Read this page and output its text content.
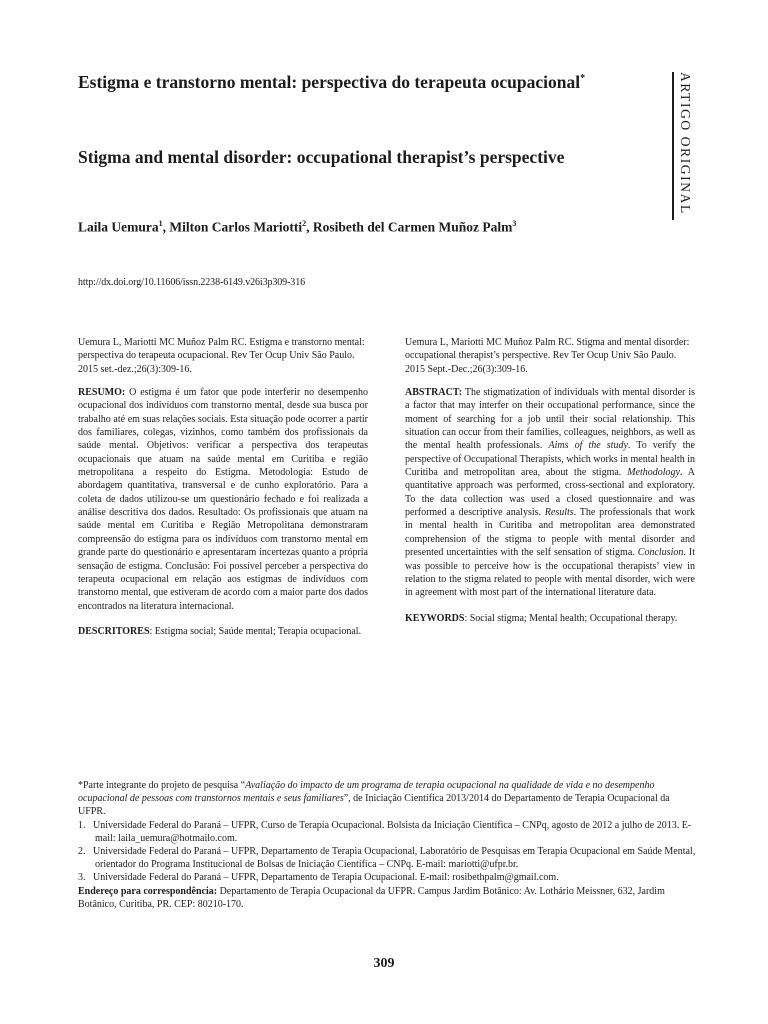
ARTIGO ORIGINAL
Estigma e transtorno mental: perspectiva do terapeuta ocupacional*
Stigma and mental disorder: occupational therapist’s perspective
Laila Uemura$^1$, Milton Carlos Mariotti$^2$, Rosibeth del Carmen Muñoz Palm$^3$
http://dx.doi.org/10.11606/issn.2238-6149.v26i3p309-316

Uemura L, Mariotti MC Muñoz Palm RC. Estigma e transtorno mental: perspectiva do terapeuta ocupacional. Rev Ter Ocup Univ São Paulo. 2015 set.-dez.;26(3):309-16.

RESUMO: O estigma é um fator que pode interferir no desempenho ocupacional dos indivíduos com transtorno mental, desde sua busca por trabalho até em suas relações sociais. Esta situação pode ocorrer a partir dos familiares, colegas, vizinhos, como também dos profissionais da saúde mental. Objetivos: verificar a perspectiva dos terapeutas ocupacionais que atuam na saúde mental em Curitiba e região metropolitana a respeito do Estigma. Metodologia: Estudo de abordagem quantitativa, transversal e de cunho exploratório. Para a coleta de dados utilizou-se um questionário fechado e foi realizada a análise descritiva dos dados. Resultado: Os profissionais que atuam na saúde mental em Curitiba e Região Metropolitana demonstraram compreensão do estigma para os indivíduos com transtorno mental em grande parte do questionário e apresentaram incertezas quanto a própria sensação de estigma. Conclusão: Foi possível perceber a perspectiva do terapeuta ocupacional em relação aos estigmas de indivíduos com transtorno mental, que estiveram de acordo com a maior parte dos dados encontrados na literatura internacional.

DESCRITORES: Estigma social; Saúde mental; Terapia ocupacional.

Uemura L, Mariotti MC Muñoz Palm RC. Stigma and mental disorder: occupational therapist’s perspective. Rev Ter Ocup Univ São Paulo. 2015 Sept.-Dec.;26(3):309-16.

ABSTRACT: The stigmatization of individuals with mental disorder is a factor that may interfer on their occupational performance, since the moment of searching for a job until their social relationship. This situation can occur from their families, colleagues, neighbors, as well as the mental health professionals. Aims of the study. To verify the perspective of Occupational Therapists, which works in mental health in Curitiba and metropolitan area, about the stigma. Methodology. A quantitative approach was performed, cross-sectional and exploratory. To the data collection was used a closed questionnaire and was performed a descriptive analysis. Results. The professionals that work in mental health in Curitiba and metropolitan area demonstrated comprehension of the stigma to people with mental disorder and presented uncertainties with the self sensation of stigma. Conclusion. It was possible to perceive how is the occupational therapists’ view in relation to the stigma related to people with mental disorder, wich were in agreement with most part of the international literature data.

KEYWORDS: Social stigma; Mental health; Occupational therapy.

*Parte integrante do projeto de pesquisa “Avaliação do impacto de um programa de terapia ocupacional na qualidade de vida e no desempenho ocupacional de pessoas com transtornos mentais e seus familiares”, de Iniciação Científica 2013/2014 do Departamento de Terapia Ocupacional da UFPR.

1.   Universidade Federal do Paraná – UFPR, Curso de Terapia Ocupacional. Bolsista da Iniciação Científica – CNPq, agosto de 2012 a julho de 2013. E-mail: laila_uemura@hotmailo.com.

2.   Universidade Federal do Paraná – UFPR, Departamento de Terapia Ocupacional, Laboratório de Pesquisas em Terapia Ocupacional em Saúde Mental, orientador do Programa Institucional de Bolsas de Iniciação Científica – CNPq. E-mail: mariotti@ufpr.br.

3.   Universidade Federal do Paraná – UFPR, Departamento de Terapia Ocupacional. E-mail: rosibethpalm@gmail.com.

Endereço para correspondência: Departamento de Terapia Ocupacional da UFPR. Campus Jardim Botânico: Av. Lothário Meissner, 632, Jardim Botânico, Curitiba, PR. CEP: 80210-170.

309
